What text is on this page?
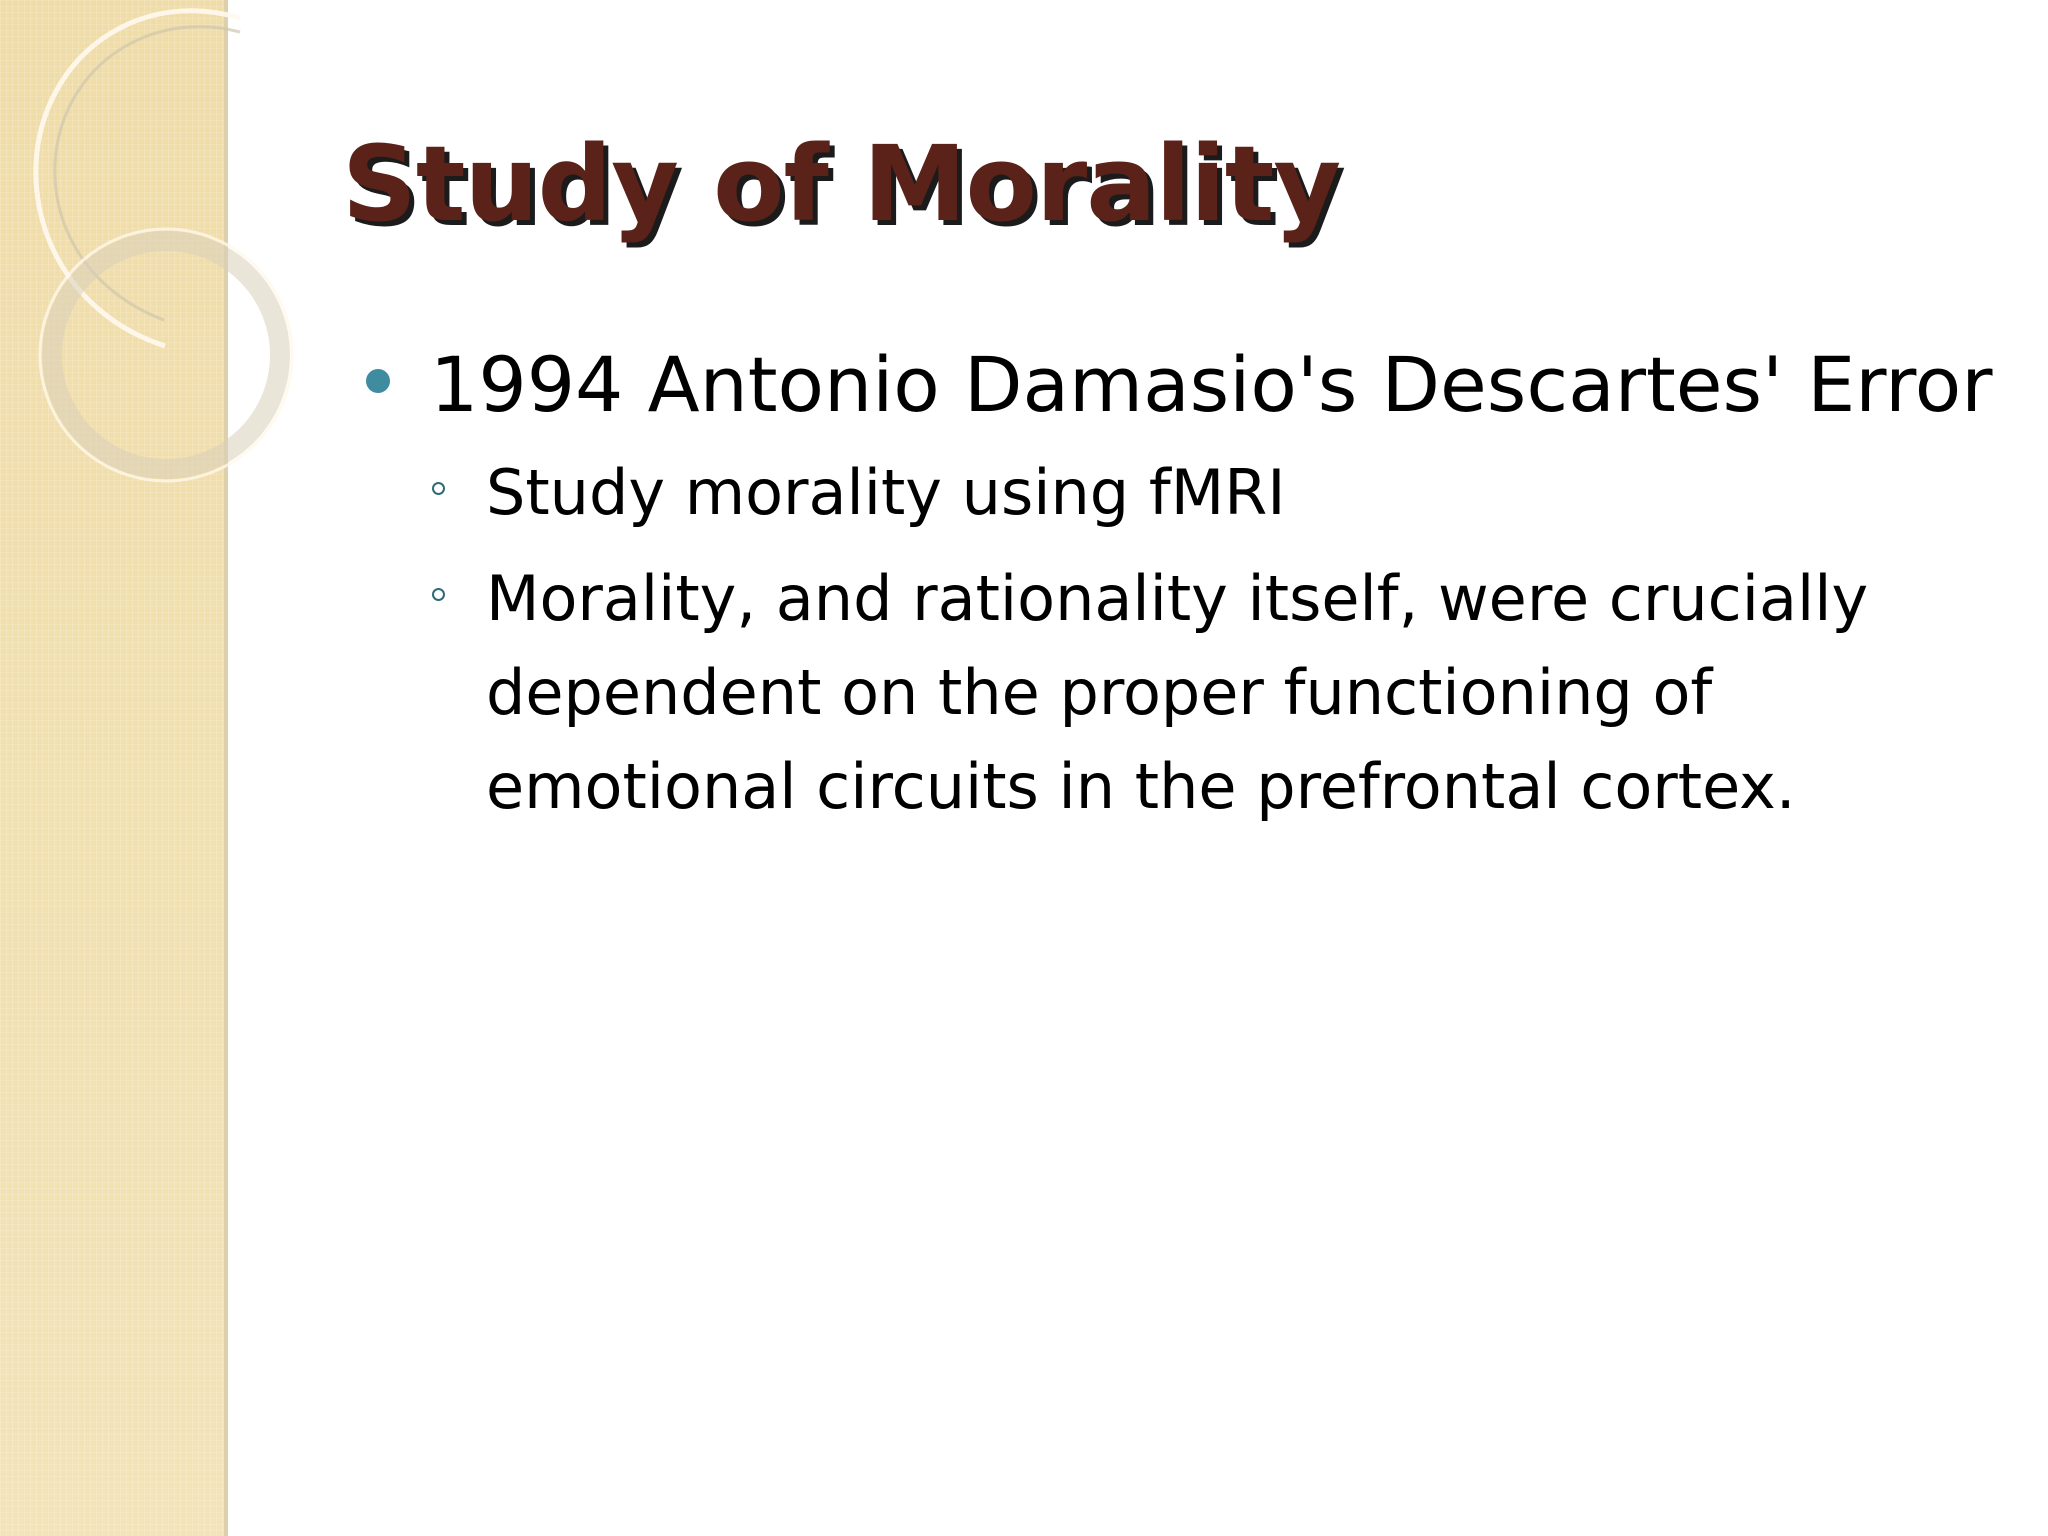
Study of Morality
1994 Antonio Damasio's Descartes' Error
Study morality using fMRI
Morality, and rationality itself, were crucially dependent on the proper functioning of emotional circuits in the prefrontal cortex.
